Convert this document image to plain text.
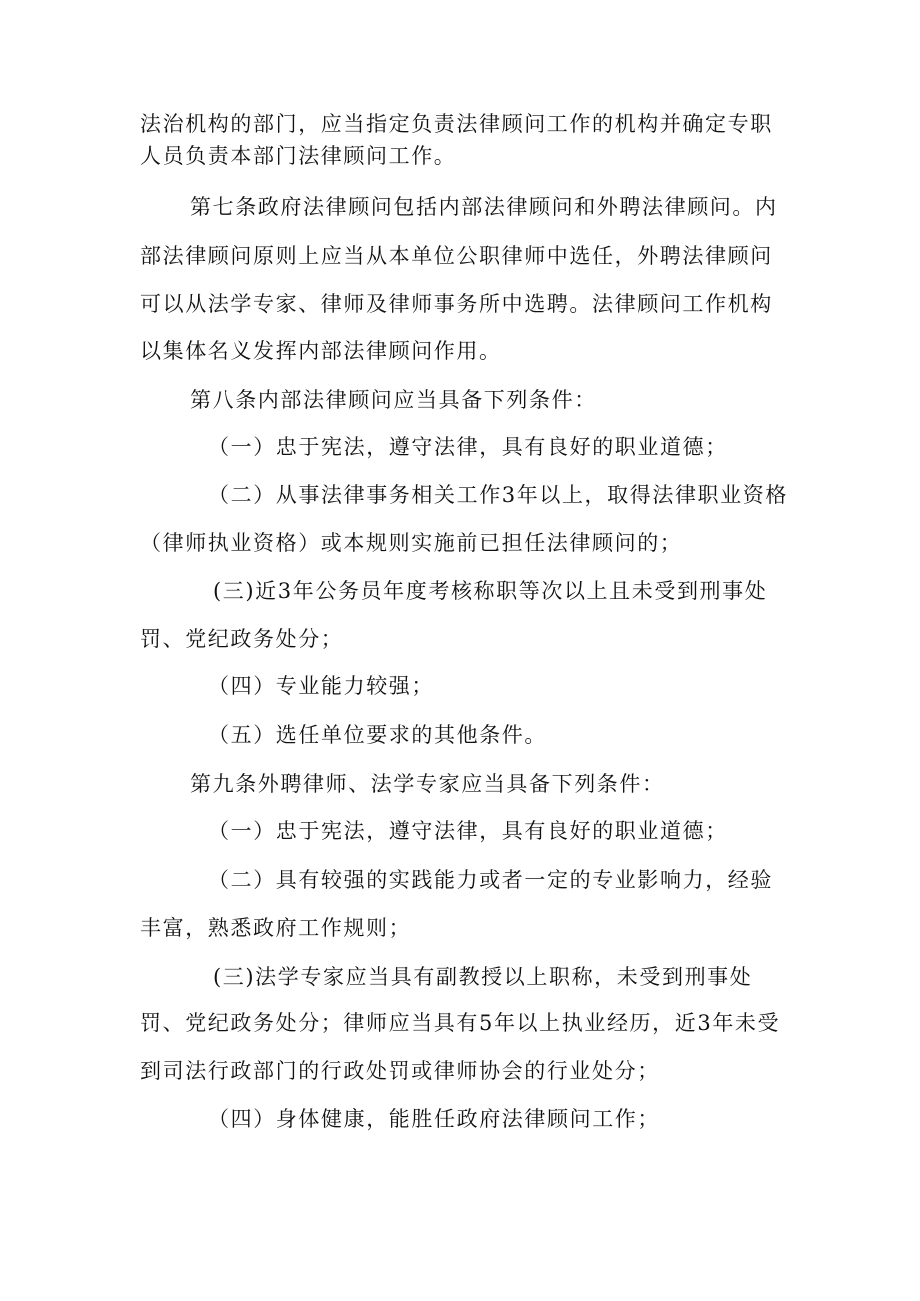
法治机构的部门，应当指定负责法律顾问工作的机构并确定专职
人员负责本部门法律顾问工作。
第七条政府法律顾问包括内部法律顾问和外聘法律顾问。内
部法律顾问原则上应当从本单位公职律师中选任，外聘法律顾问
可以从法学专家、律师及律师事务所中选聘。法律顾问工作机构
以集体名义发挥内部法律顾问作用。
第八条内部法律顾问应当具备下列条件：
（一）忠于宪法，遵守法律，具有良好的职业道德；
（二）从事法律事务相关工作3年以上，取得法律职业资格
（律师执业资格）或本规则实施前已担任法律顾问的；
(三)近3年公务员年度考核称职等次以上且未受到刑事处
罚、党纪政务处分；
（四）专业能力较强；
（五）选任单位要求的其他条件。
第九条外聘律师、法学专家应当具备下列条件：
（一）忠于宪法，遵守法律，具有良好的职业道德；
（二）具有较强的实践能力或者一定的专业影响力，经验
丰富，熟悉政府工作规则；
(三)法学专家应当具有副教授以上职称，未受到刑事处
罚、党纪政务处分；律师应当具有5年以上执业经历，近3年未受
到司法行政部门的行政处罚或律师协会的行业处分；
（四）身体健康，能胜任政府法律顾问工作；
